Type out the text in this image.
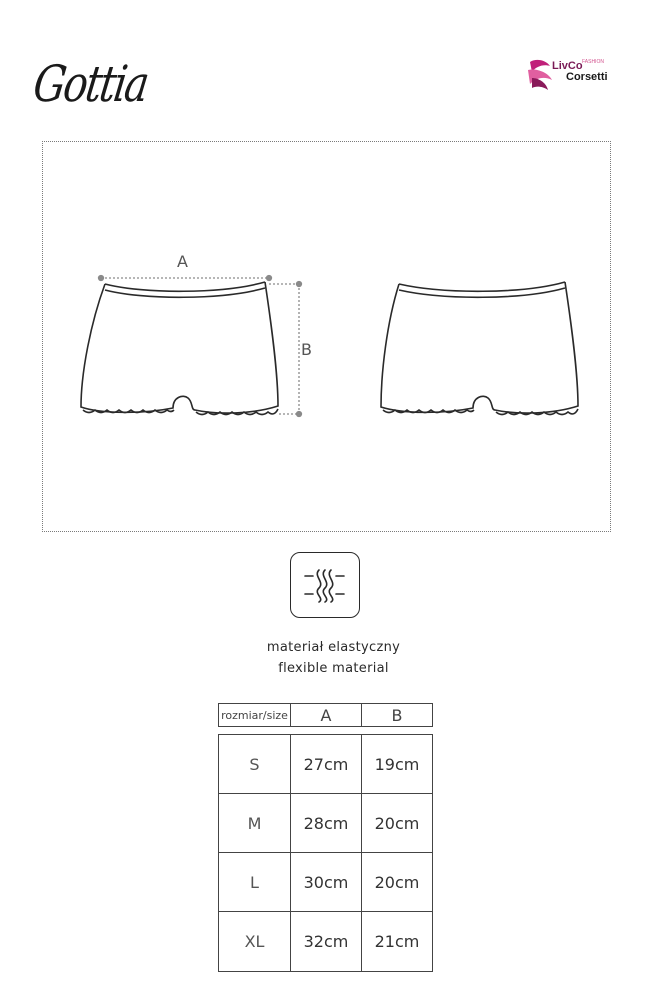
Gottia	LivCo FASHION
Corsetti
A
B
materiał elastyczny
flexible material
rozmiar/size	A	B
S	27cm	19cm
M	28cm	20cm
L	30cm	20cm
XL	32cm	21cm
